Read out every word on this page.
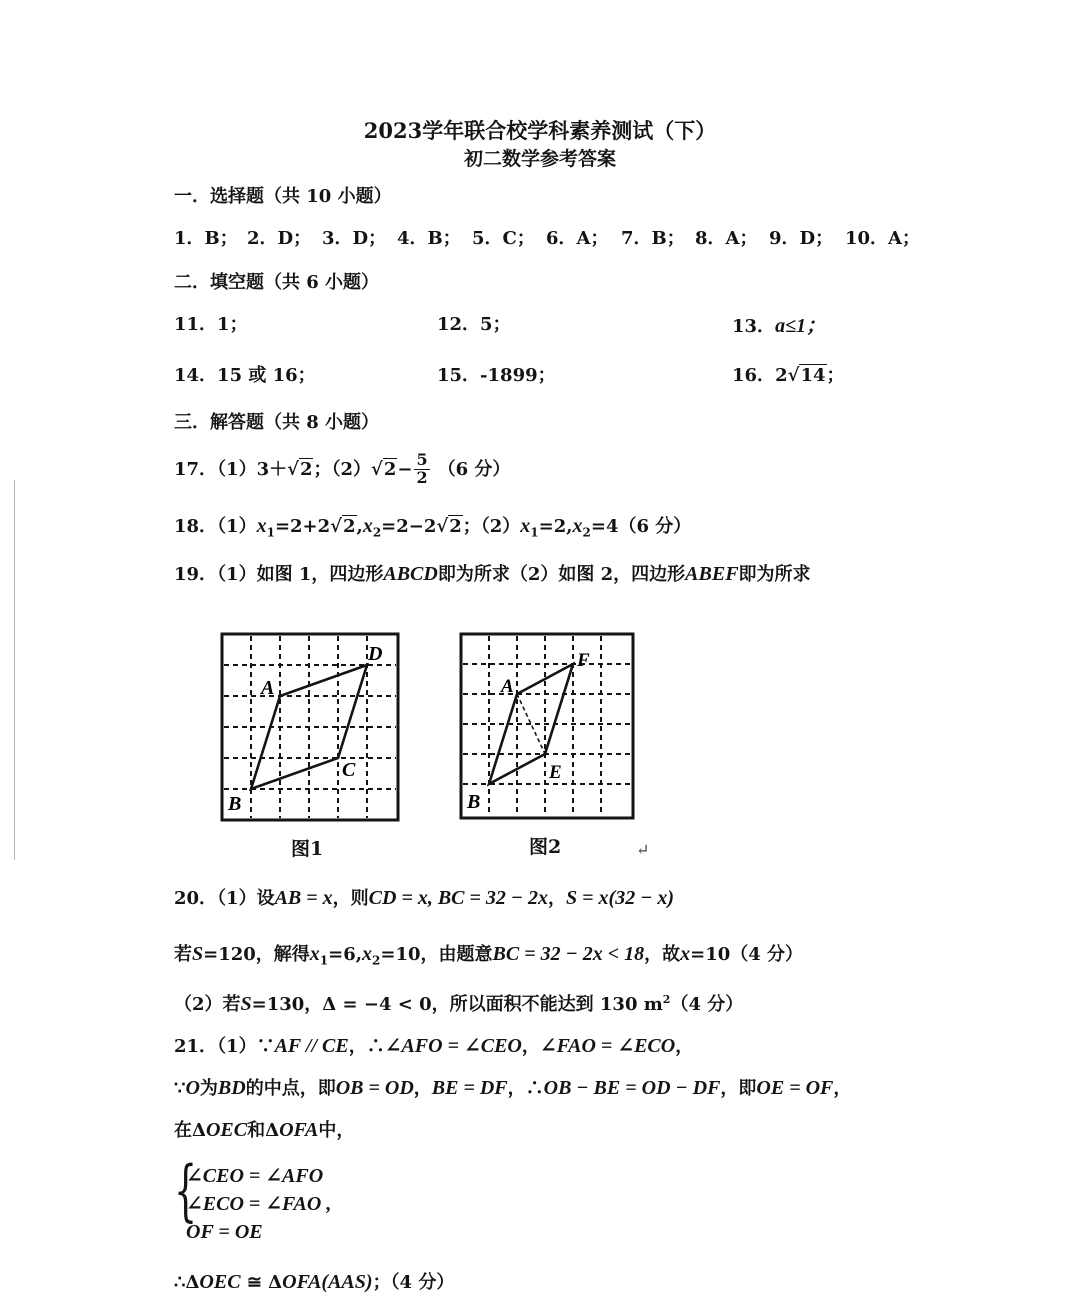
2023学年联合校学科素养测试（下）
初二数学参考答案
一．选择题（共 10 小题）
1．B； 2．D； 3．D； 4．B； 5．C； 6．A； 7．B； 8．A； 9．D； 10．A；
二．填空题（共 6 小题）
11．1；	12．5；	13．a≤1；
14．15 或 16；	15．-1899；	16．2√14；
三．解答题（共 8 小题）
17．（1）3＋ √2 ；（2） $√2 - \frac{5}{2} (6$ 分）
18．$(1)x_1=2+2√2,x_2=2-2√2$；$(2)x_1=2,x_2=4(6$ 分）
19．（1）如图 1，四边形ABCD即为所求（2）如图 2，四边形ABEF即为所求
A
B
C
D
图1
A
B
E
F
图2	↵
20．（1）设AB = x，则CD = x, BC = 32 − 2x，S = x(32 − x)
若S=120，解得$x_1=6,x_2=10$，由题意BC = 32 − 2x < 18，故x=10（4 分）
（2）若S=130，Δ = −4 < 0，所以面积不能达到 130 $m^2(4$ 分）
21．（1）∵AF // CE，∴∠AFO = ∠CEO，∠FAO = ∠ECO，
∵O为BD的中点，即OB = OD，BE = DF，∴OB − BE = OD − DF，即OE = OF，
在ΔOEC和ΔOFA中，
{
∠CEO = ∠AFO
∠ECO = ∠FAO ,
OF = OE
∴ΔOEC ≅ ΔOFA(AAS)；（4 分）
